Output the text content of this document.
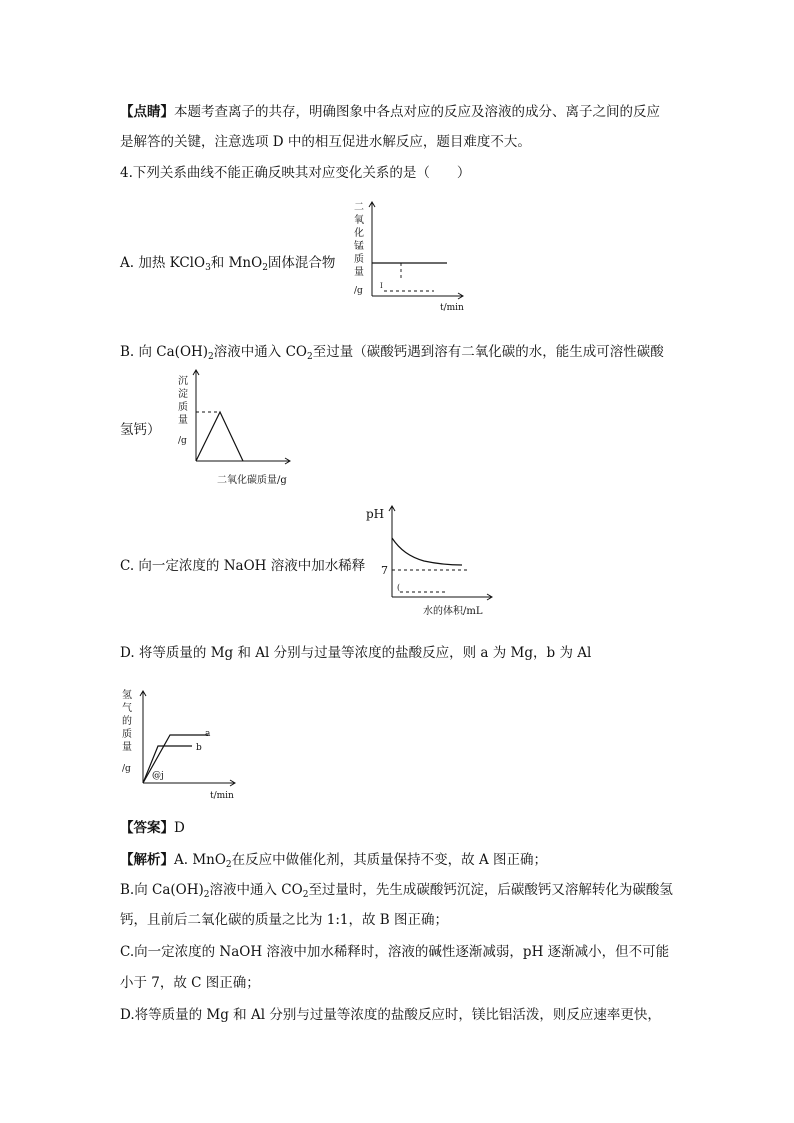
【点睛】本题考查离子的共存，明确图象中各点对应的反应及溶液的成分、离子之间的反应
是解答的关键，注意选项 D 中的相互促进水解反应，题目难度不大。
4.下列关系曲线不能正确反映其对应变化关系的是（　　）
A. 加热 KClO$_3$和 MnO$_2$固体混合物
二
氧
化
锰
质
量
/g I
t/min
B. 向 $Ca(OH)_2$溶液中通入 $CO_2$至过量（碳酸钙遇到溶有二氧化碳的水，能生成可溶性碳酸
氢钙）
沉
淀
质
量
/g
二氧化碳质量/g
C. 向一定浓度的 NaOH 溶液中加水稀释
pH
7
(
水的体积/mL
D. 将等质量的 Mg 和 Al 分别与过量等浓度的盐酸反应，则 a 为 Mg，b 为 Al
氢
气
的
质
量
/g
a
b
@j
t/min
【答案】D
【解析】A. MnO$_2$在反应中做催化剂，其质量保持不变，故 A 图正确；
B.向 $Ca(OH)_2$溶液中通入 $CO_2$至过量时，先生成碳酸钙沉淀，后碳酸钙又溶解转化为碳酸氢
钙，且前后二氧化碳的质量之比为 1:1，故 B 图正确；
C.向一定浓度的 NaOH 溶液中加水稀释时，溶液的碱性逐渐减弱，pH 逐渐减小，但不可能
小于 7，故 C 图正确；
D.将等质量的 Mg 和 Al 分别与过量等浓度的盐酸反应时，镁比铝活泼，则反应速率更快，
